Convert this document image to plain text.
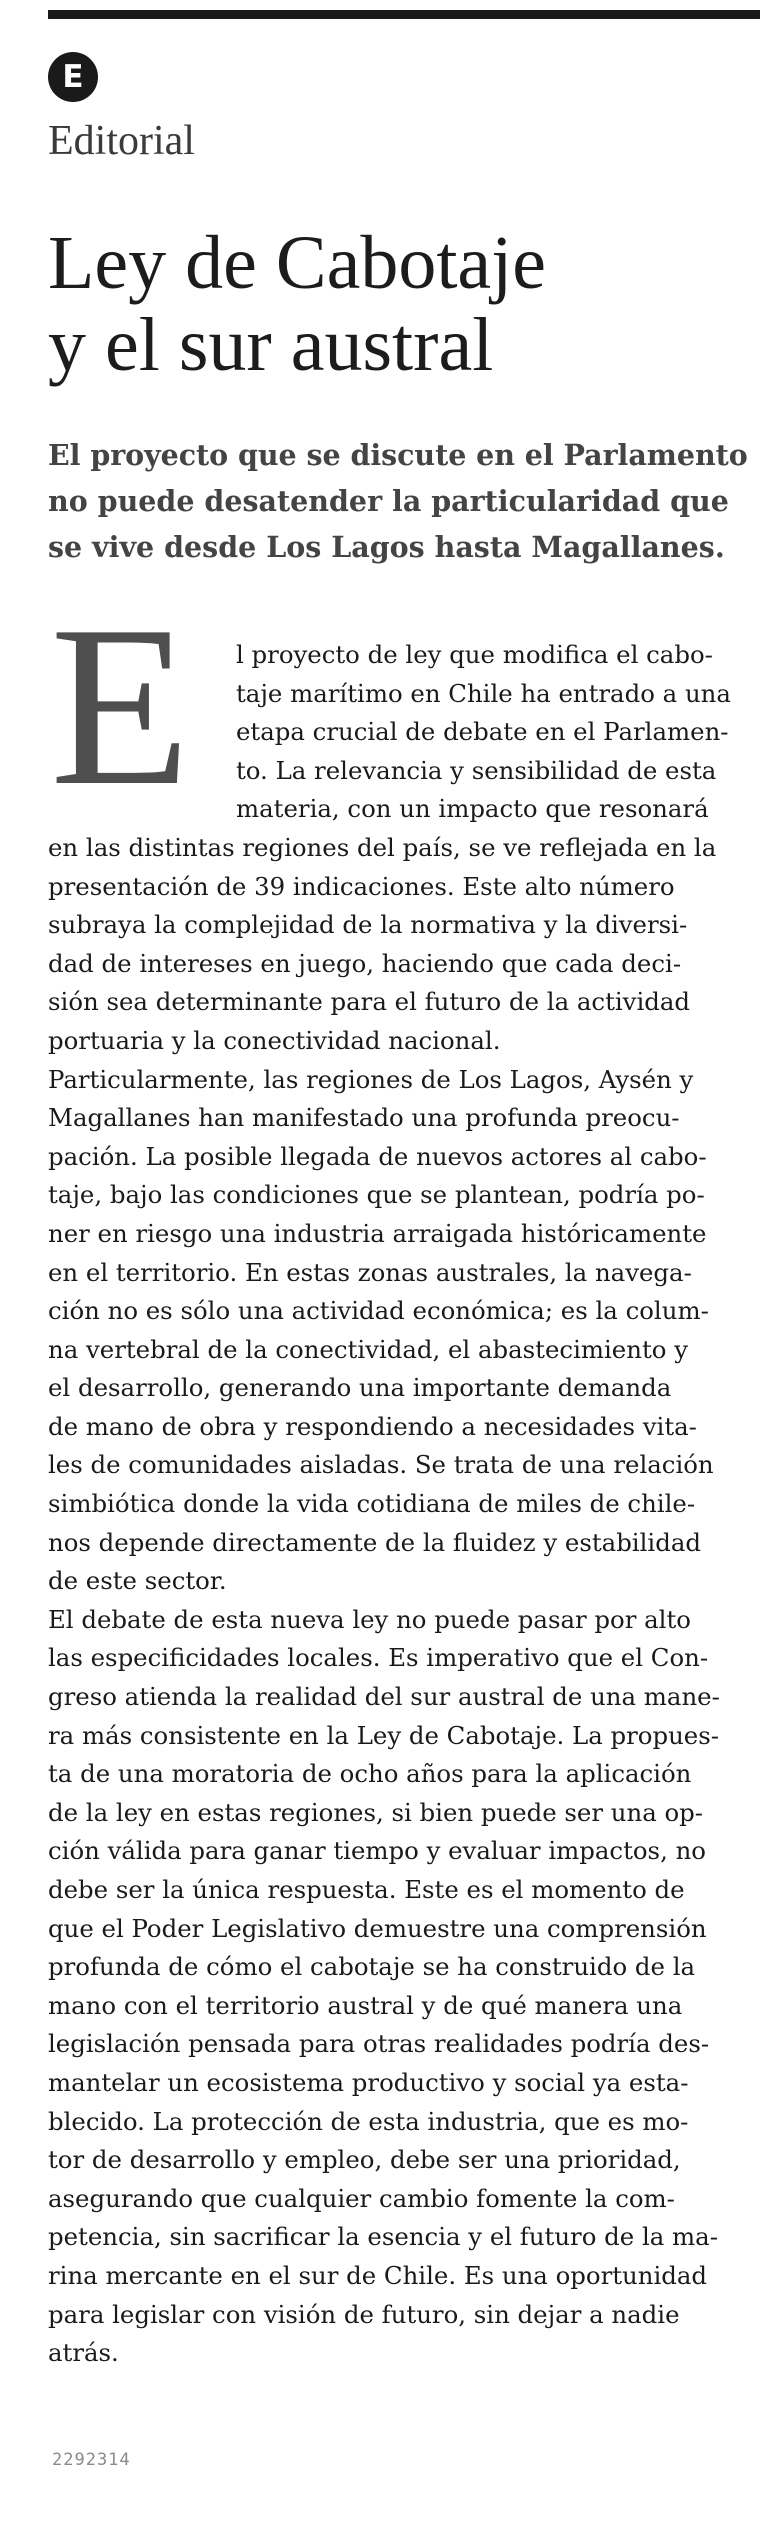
E
Editorial
Ley de Cabotaje
y el sur austral
El proyecto que se discute en el Parlamento
no puede desatender la particularidad que
se vive desde Los Lagos hasta Magallanes.
E	l proyecto de ley que modifica el cabo-
taje marítimo en Chile ha entrado a una
etapa crucial de debate en el Parlamen-
to. La relevancia y sensibilidad de esta
materia, con un impacto que resonará
en las distintas regiones del país, se ve reflejada en la
presentación de 39 indicaciones. Este alto número
subraya la complejidad de la normativa y la diversi-
dad de intereses en juego, haciendo que cada deci-
sión sea determinante para el futuro de la actividad
portuaria y la conectividad nacional.

Particularmente, las regiones de Los Lagos, Aysén y
Magallanes han manifestado una profunda preocu-
pación. La posible llegada de nuevos actores al cabo-
taje, bajo las condiciones que se plantean, podría po-
ner en riesgo una industria arraigada históricamente
en el territorio. En estas zonas australes, la navega-
ción no es sólo una actividad económica; es la colum-
na vertebral de la conectividad, el abastecimiento y
el desarrollo, generando una importante demanda
de mano de obra y respondiendo a necesidades vita-
les de comunidades aisladas. Se trata de una relación
simbiótica donde la vida cotidiana de miles de chile-
nos depende directamente de la fluidez y estabilidad
de este sector.

El debate de esta nueva ley no puede pasar por alto
las especificidades locales. Es imperativo que el Con-
greso atienda la realidad del sur austral de una mane-
ra más consistente en la Ley de Cabotaje. La propues-
ta de una moratoria de ocho años para la aplicación
de la ley en estas regiones, si bien puede ser una op-
ción válida para ganar tiempo y evaluar impactos, no
debe ser la única respuesta. Este es el momento de
que el Poder Legislativo demuestre una comprensión
profunda de cómo el cabotaje se ha construido de la
mano con el territorio austral y de qué manera una
legislación pensada para otras realidades podría des-
mantelar un ecosistema productivo y social ya esta-
blecido. La protección de esta industria, que es mo-
tor de desarrollo y empleo, debe ser una prioridad,
asegurando que cualquier cambio fomente la com-
petencia, sin sacrificar la esencia y el futuro de la ma-
rina mercante en el sur de Chile. Es una oportunidad
para legislar con visión de futuro, sin dejar a nadie
atrás.

2292314
